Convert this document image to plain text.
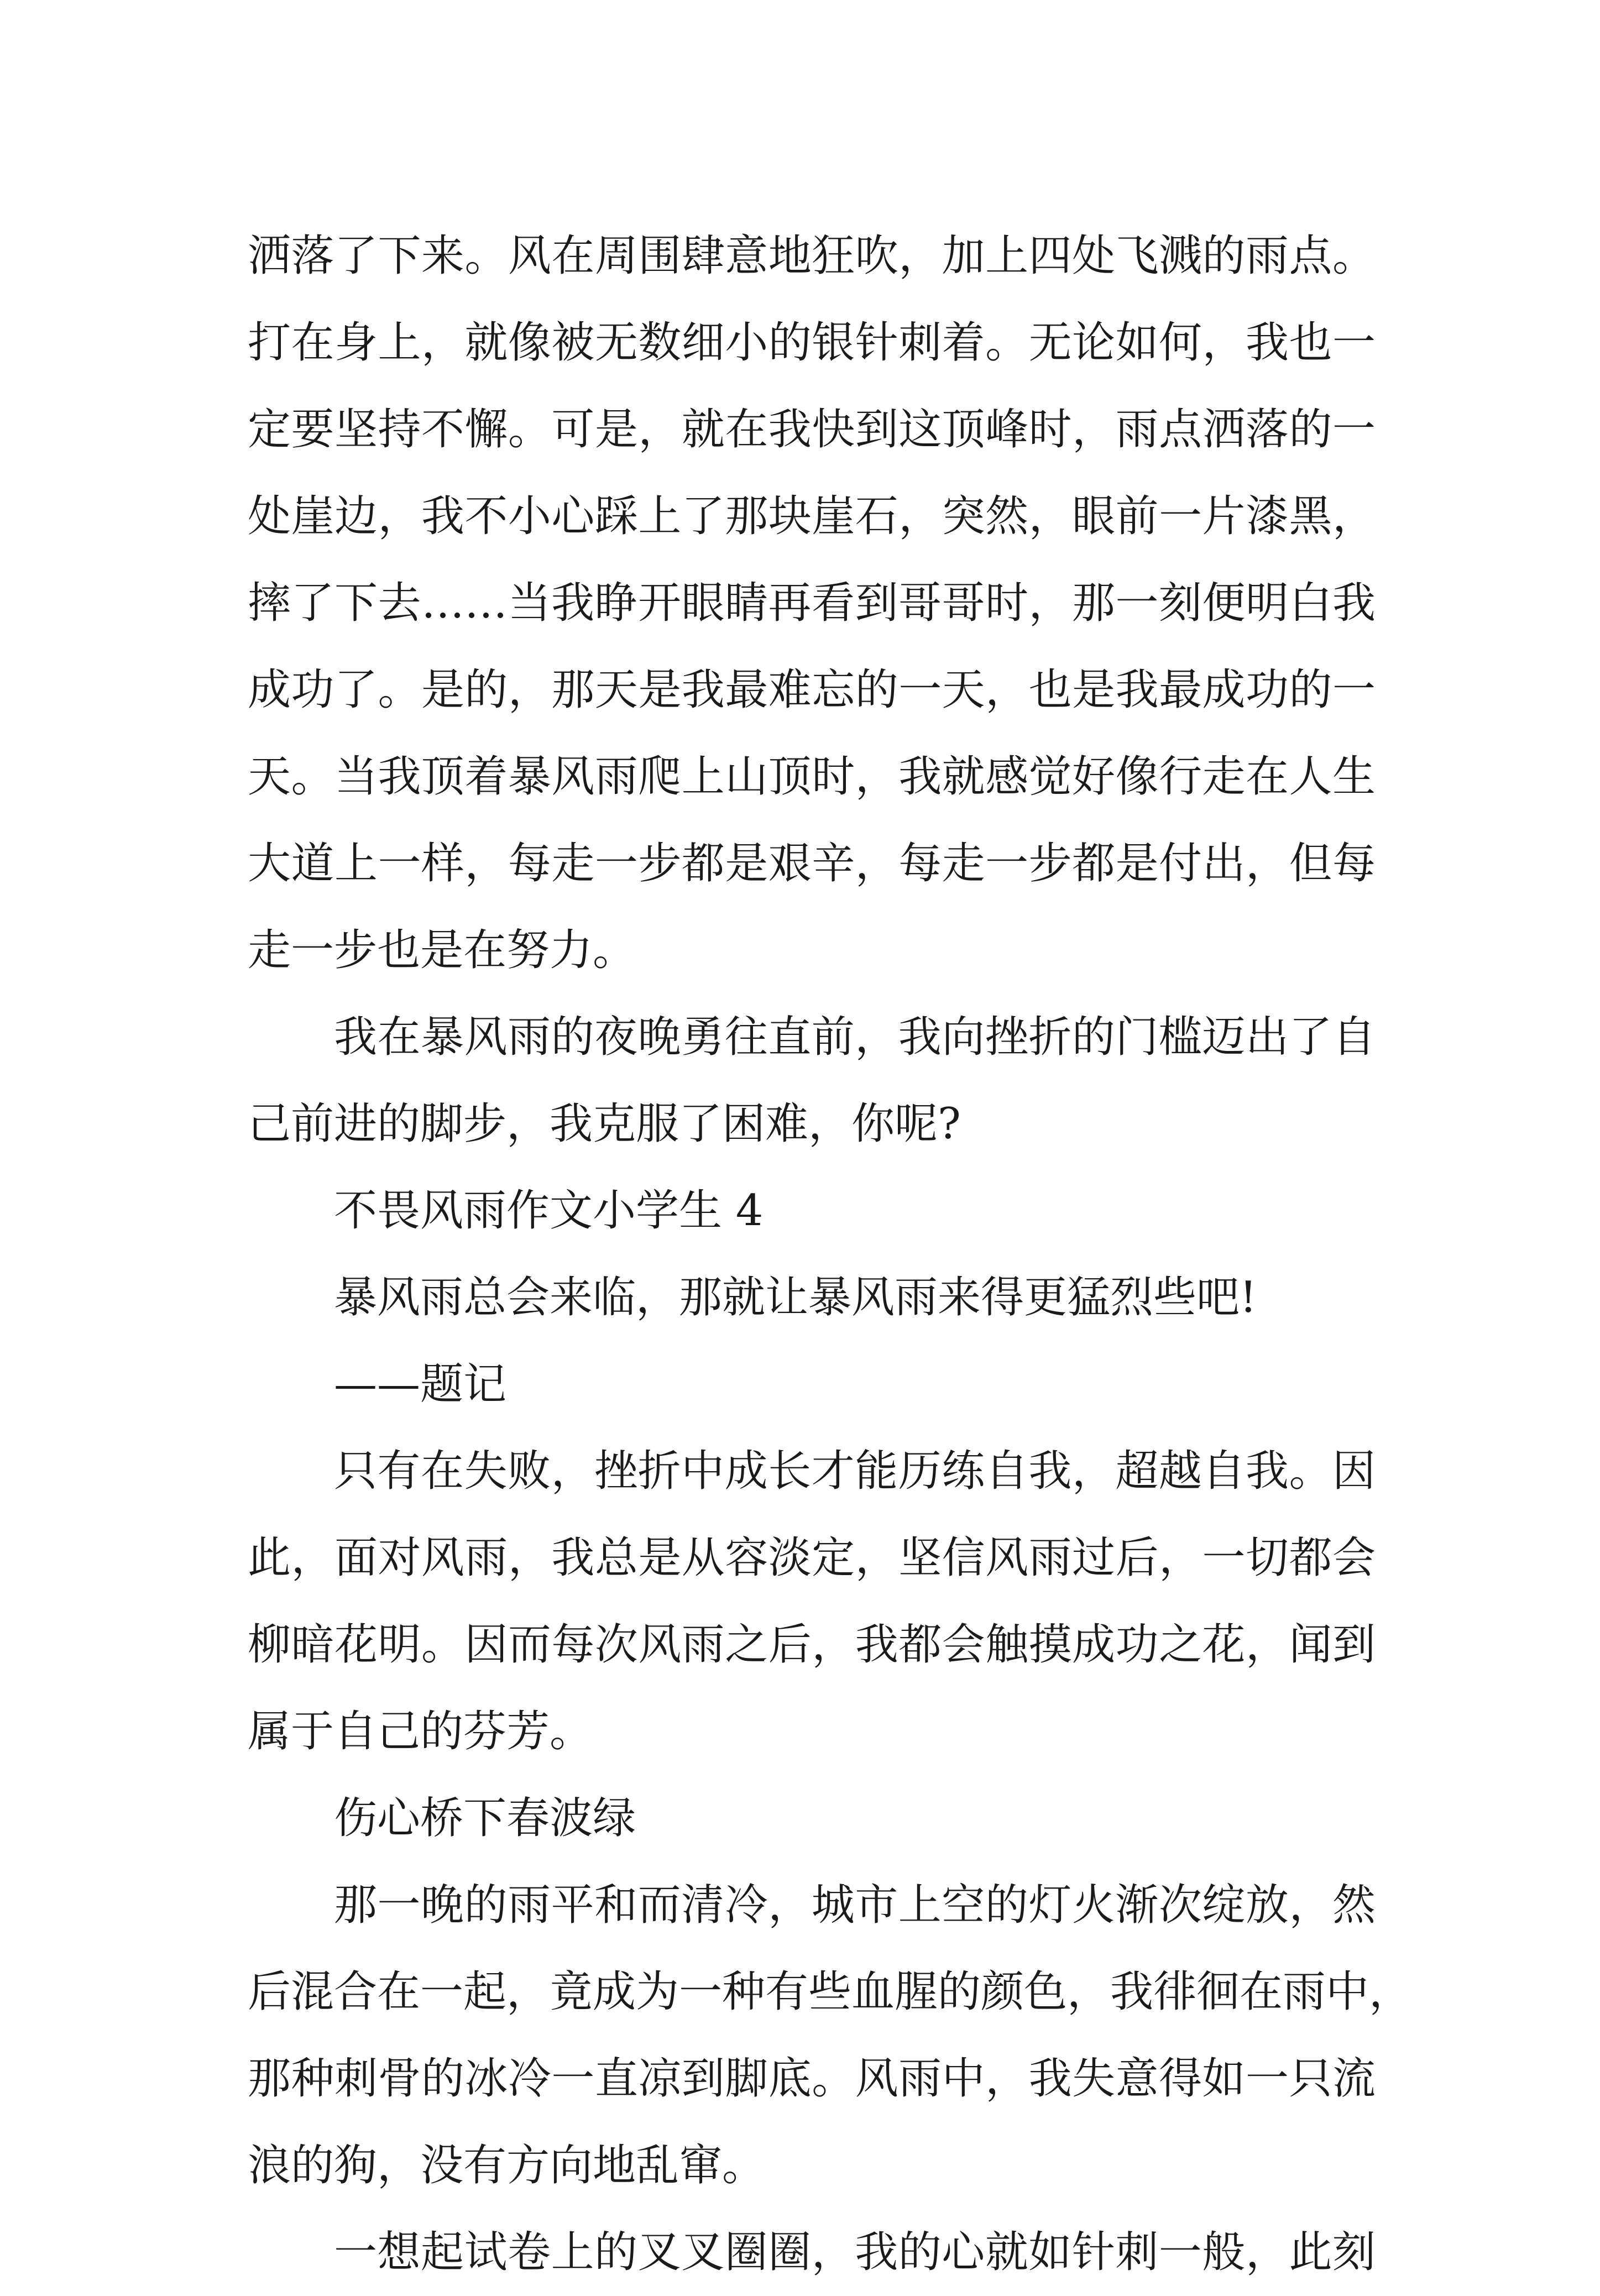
洒落了下来。风在周围肆意地狂吹，加上四处飞溅的雨点。
打在身上，就像被无数细小的银针刺着。无论如何，我也一
定要坚持不懈。可是，就在我快到这顶峰时，雨点洒落的一
处崖边，我不小心踩上了那块崖石，突然，眼前一片漆黑，
摔了下去……当我睁开眼睛再看到哥哥时，那一刻便明白我
成功了。是的，那天是我最难忘的一天，也是我最成功的一
天。当我顶着暴风雨爬上山顶时，我就感觉好像行走在人生
大道上一样，每走一步都是艰辛，每走一步都是付出，但每
走一步也是在努力。

我在暴风雨的夜晚勇往直前，我向挫折的门槛迈出了自
己前进的脚步，我克服了困难，你呢?

不畏风雨作文小学生 4

暴风雨总会来临，那就让暴风雨来得更猛烈些吧!

——题记

只有在失败，挫折中成长才能历练自我，超越自我。因
此，面对风雨，我总是从容淡定，坚信风雨过后，一切都会
柳暗花明。因而每次风雨之后，我都会触摸成功之花，闻到
属于自己的芬芳。

伤心桥下春波绿

那一晚的雨平和而清冷，城市上空的灯火渐次绽放，然
后混合在一起，竟成为一种有些血腥的颜色，我徘徊在雨中，
那种刺骨的冰冷一直凉到脚底。风雨中，我失意得如一只流
浪的狗，没有方向地乱窜。

一想起试卷上的叉叉圈圈，我的心就如针刺一般，此刻
